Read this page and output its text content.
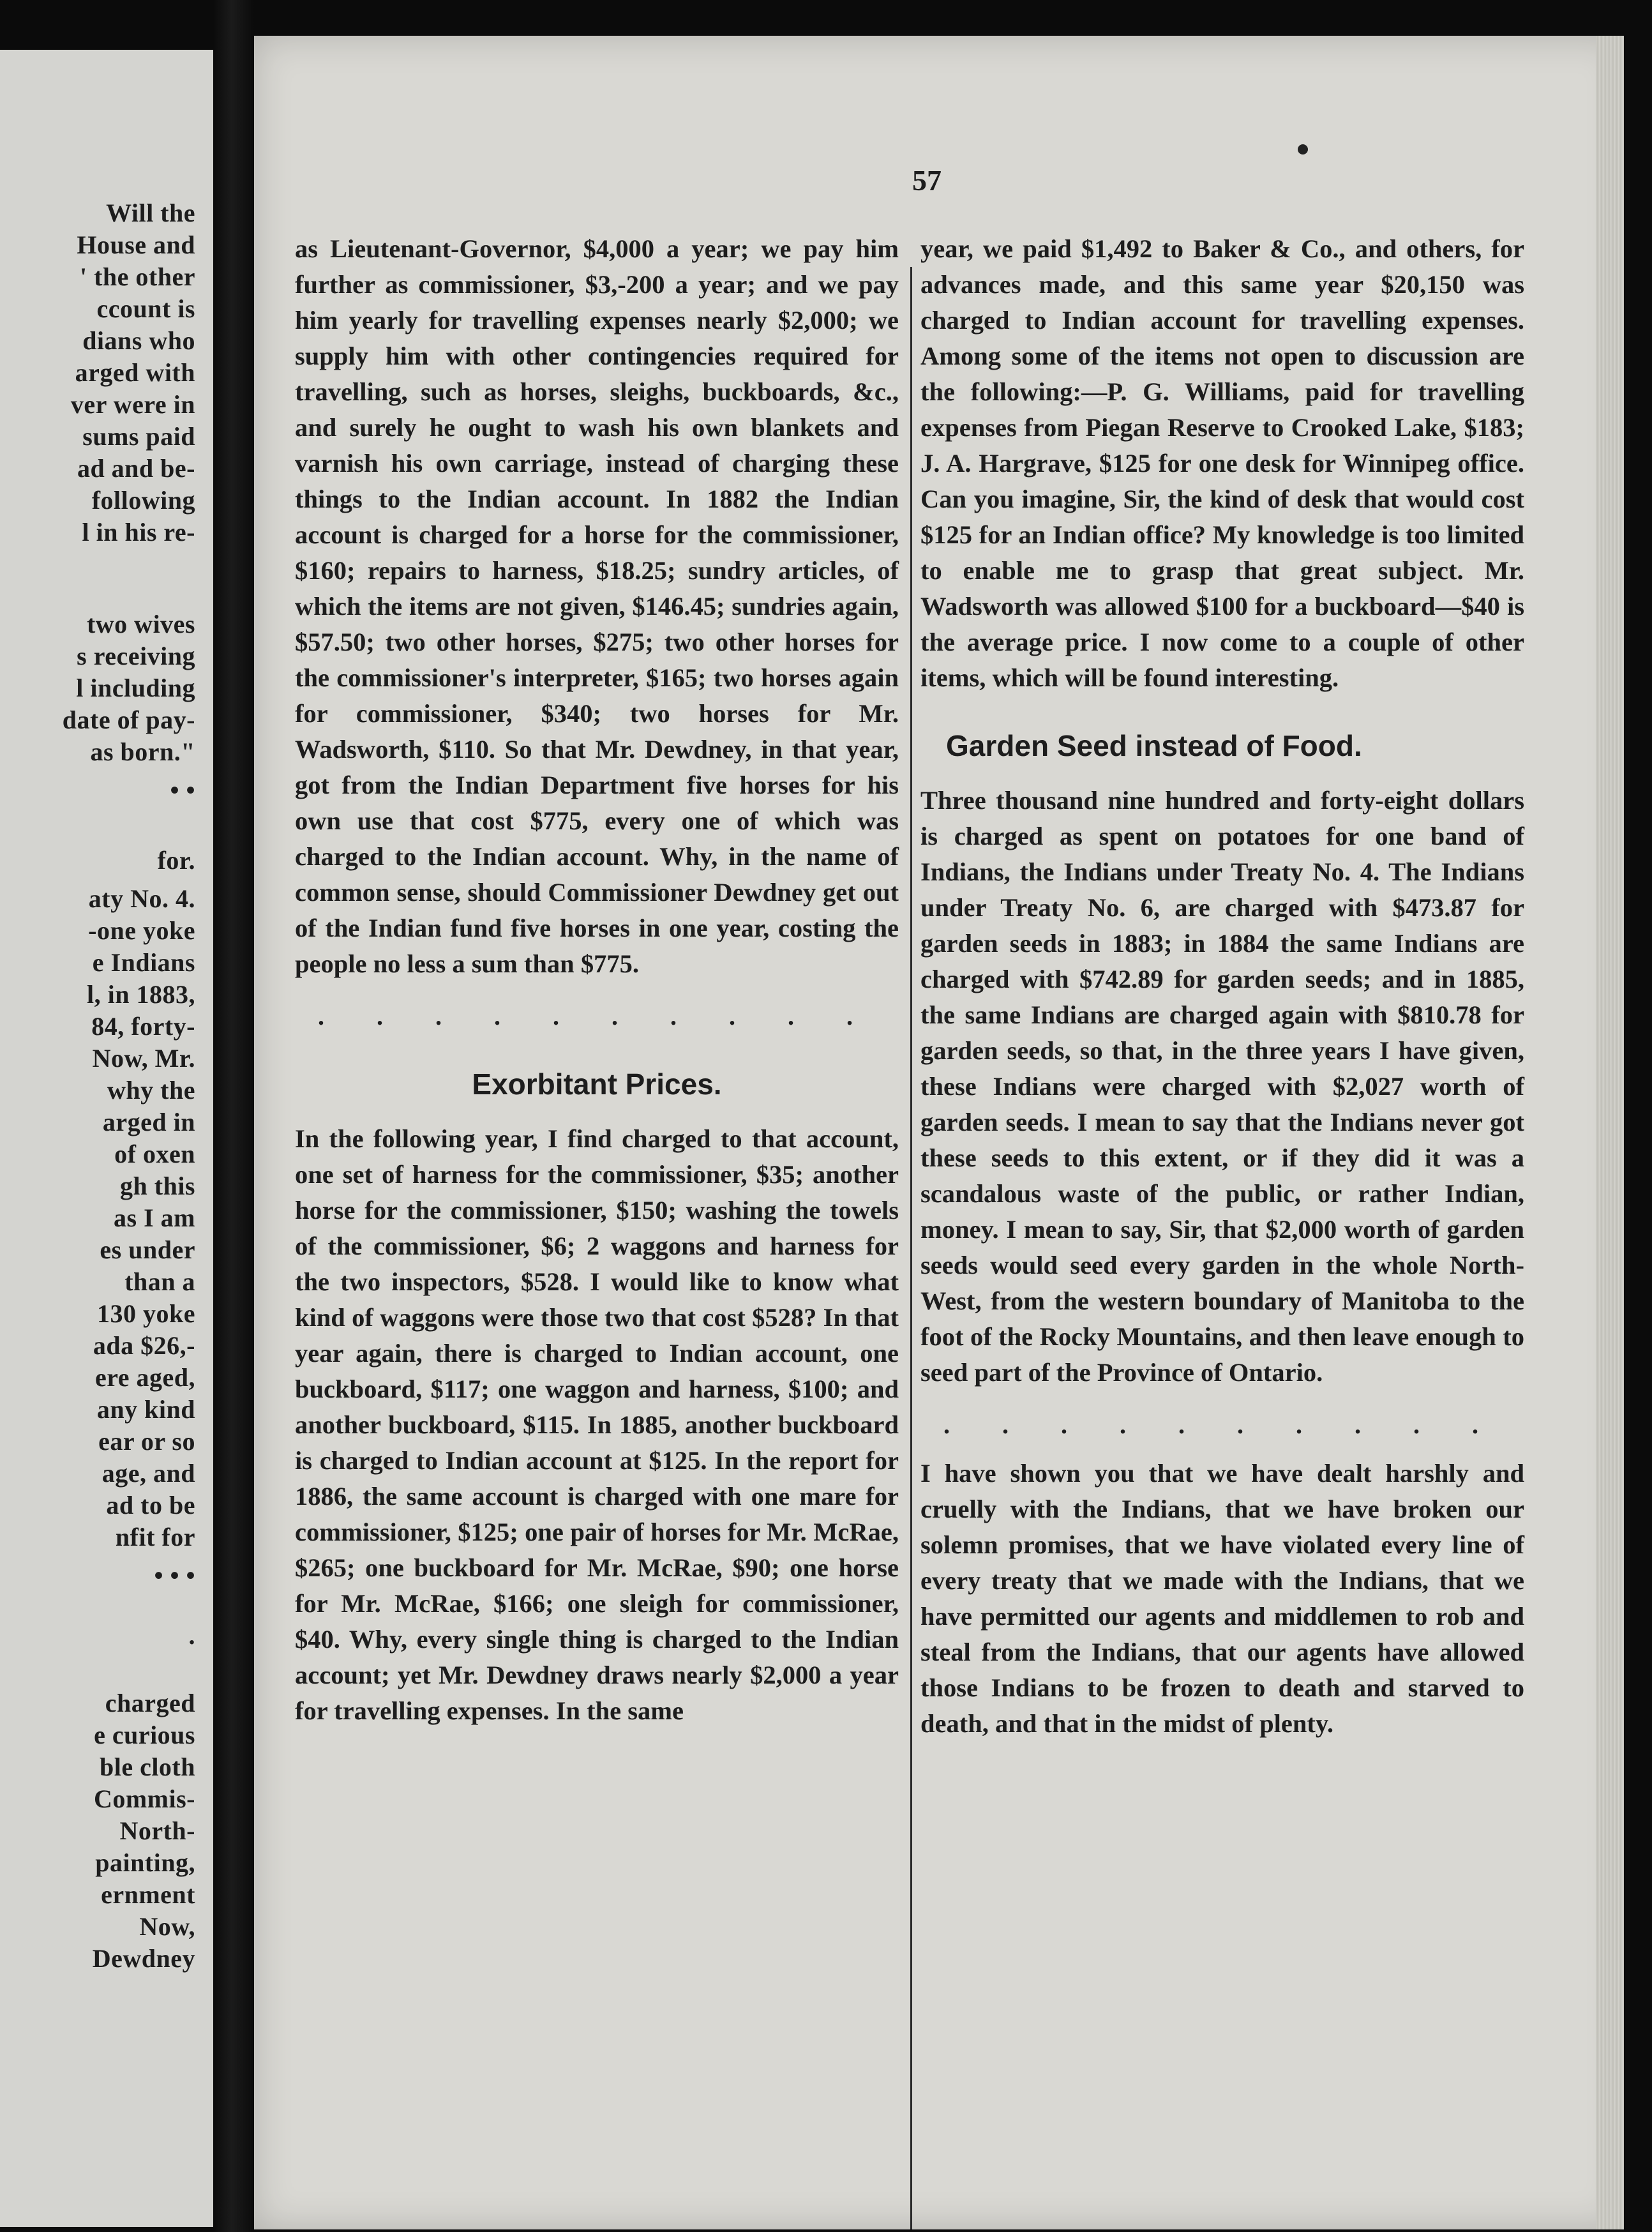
Will the
House and
' the other
ccount is
dians who
arged with
ver were in
sums paid
ad and be-
following
l in his re-
two wives
s receiving
l including
date of pay-
as born."
• •
for.
aty No. 4.
-one yoke
e Indians
l, in 1883,
84, forty-
Now, Mr.
why the
arged in
of oxen
gh this
as I am
es under
than a
130 yoke
ada $26,-
ere aged,
any kind
ear or so
age, and
ad to be
nfit for
• • •
.
charged
e curious
ble cloth
Commis-
North-
painting,
ernment
Now,
Dewdney
57

as Lieutenant-Governor, $4,000 a year; we pay him further as commissioner, $3,-200 a year; and we pay him yearly for travelling expenses nearly $2,000; we supply him with other contingencies required for travelling, such as horses, sleighs, buckboards, &c., and surely he ought to wash his own blankets and varnish his own carriage, instead of charging these things to the Indian account. In 1882 the Indian account is charged for a horse for the commissioner, $160; repairs to harness, $18.25; sundry articles, of which the items are not given, $146.45; sundries again, $57.50; two other horses, $275; two other horses for the commissioner's interpreter, $165; two horses again for commissioner, $340; two horses for Mr. Wadsworth, $110. So that Mr. Dewdney, in that year, got from the Indian Department five horses for his own use that cost $775, every one of which was charged to the Indian account. Why, in the name of common sense, should Commissioner Dewdney get out of the Indian fund five horses in one year, costing the people no less a sum than $775.

. . . . . . . . . .
Exorbitant Prices.

In the following year, I find charged to that account, one set of harness for the commissioner, $35; another horse for the commissioner, $150; washing the towels of the commissioner, $6; 2 waggons and harness for the two inspectors, $528. I would like to know what kind of waggons were those two that cost $528? In that year again, there is charged to Indian account, one buckboard, $117; one waggon and harness, $100; and another buckboard, $115. In 1885, another buckboard is charged to Indian account at $125. In the report for 1886, the same account is charged with one mare for commissioner, $125; one pair of horses for Mr. McRae, $265; one buckboard for Mr. McRae, $90; one horse for Mr. McRae, $166; one sleigh for commissioner, $40. Why, every single thing is charged to the Indian account; yet Mr. Dewdney draws nearly $2,000 a year for travelling expenses. In the same

year, we paid $1,492 to Baker & Co., and others, for advances made, and this same year $20,150 was charged to Indian account for travelling expenses. Among some of the items not open to discussion are the following:—P. G. Williams, paid for travelling expenses from Piegan Reserve to Crooked Lake, $183; J. A. Hargrave, $125 for one desk for Winnipeg office. Can you imagine, Sir, the kind of desk that would cost $125 for an Indian office? My knowledge is too limited to enable me to grasp that great subject. Mr. Wadsworth was allowed $100 for a buckboard—$40 is the average price. I now come to a couple of other items, which will be found interesting.

Garden Seed instead of Food.

Three thousand nine hundred and forty-eight dollars is charged as spent on potatoes for one band of Indians, the Indians under Treaty No. 4. The Indians under Treaty No. 6, are charged with $473.87 for garden seeds in 1883; in 1884 the same Indians are charged with $742.89 for garden seeds; and in 1885, the same Indians are charged again with $810.78 for garden seeds, so that, in the three years I have given, these Indians were charged with $2,027 worth of garden seeds. I mean to say that the Indians never got these seeds to this extent, or if they did it was a scandalous waste of the public, or rather Indian, money. I mean to say, Sir, that $2,000 worth of garden seeds would seed every garden in the whole North-West, from the western boundary of Manitoba to the foot of the Rocky Mountains, and then leave enough to seed part of the Province of Ontario.

. . . . . . . . . .

I have shown you that we have dealt harshly and cruelly with the Indians, that we have broken our solemn promises, that we have violated every line of every treaty that we made with the Indians, that we have permitted our agents and middlemen to rob and steal from the Indians, that our agents have allowed those Indians to be frozen to death and starved to death, and that in the midst of plenty.
